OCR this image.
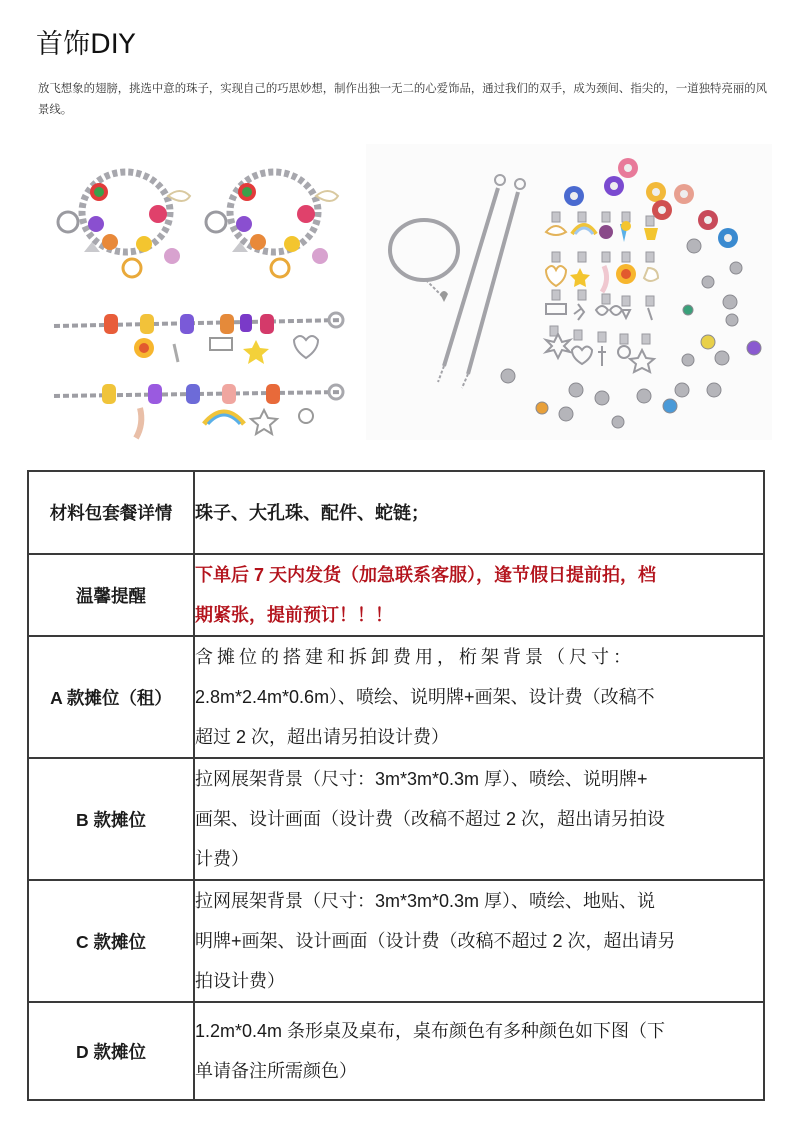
首饰DIY

放飞想象的翅膀，挑选中意的珠子，实现自己的巧思妙想，制作出独一无二的心爱饰品，通过我们的双手，成为颈间、指尖的，一道独特亮丽的风景线。

材料包套餐详情	珠子、大孔珠、配件、蛇链；

温馨提醒	下单后 7 天内发货（加急联系客服），逢节假日提前拍，档
期紧张，提前预订！！！

A 款摊位（租）	含摊位的搭建和拆卸费用，桁架背景（尺寸：
2.8m*2.4m*0.6m）、喷绘、说明牌+画架、设计费（改稿不
超过 2 次，超出请另拍设计费）

B 款摊位	拉网展架背景（尺寸：3m*3m*0.3m 厚）、喷绘、说明牌+
画架、设计画面（设计费（改稿不超过 2 次，超出请另拍设
计费）

C 款摊位	拉网展架背景（尺寸：3m*3m*0.3m 厚）、喷绘、地贴、说
明牌+画架、设计画面（设计费（改稿不超过 2 次，超出请另
拍设计费）

D 款摊位	1.2m*0.4m 条形桌及桌布，桌布颜色有多种颜色如下图（下
单请备注所需颜色）
